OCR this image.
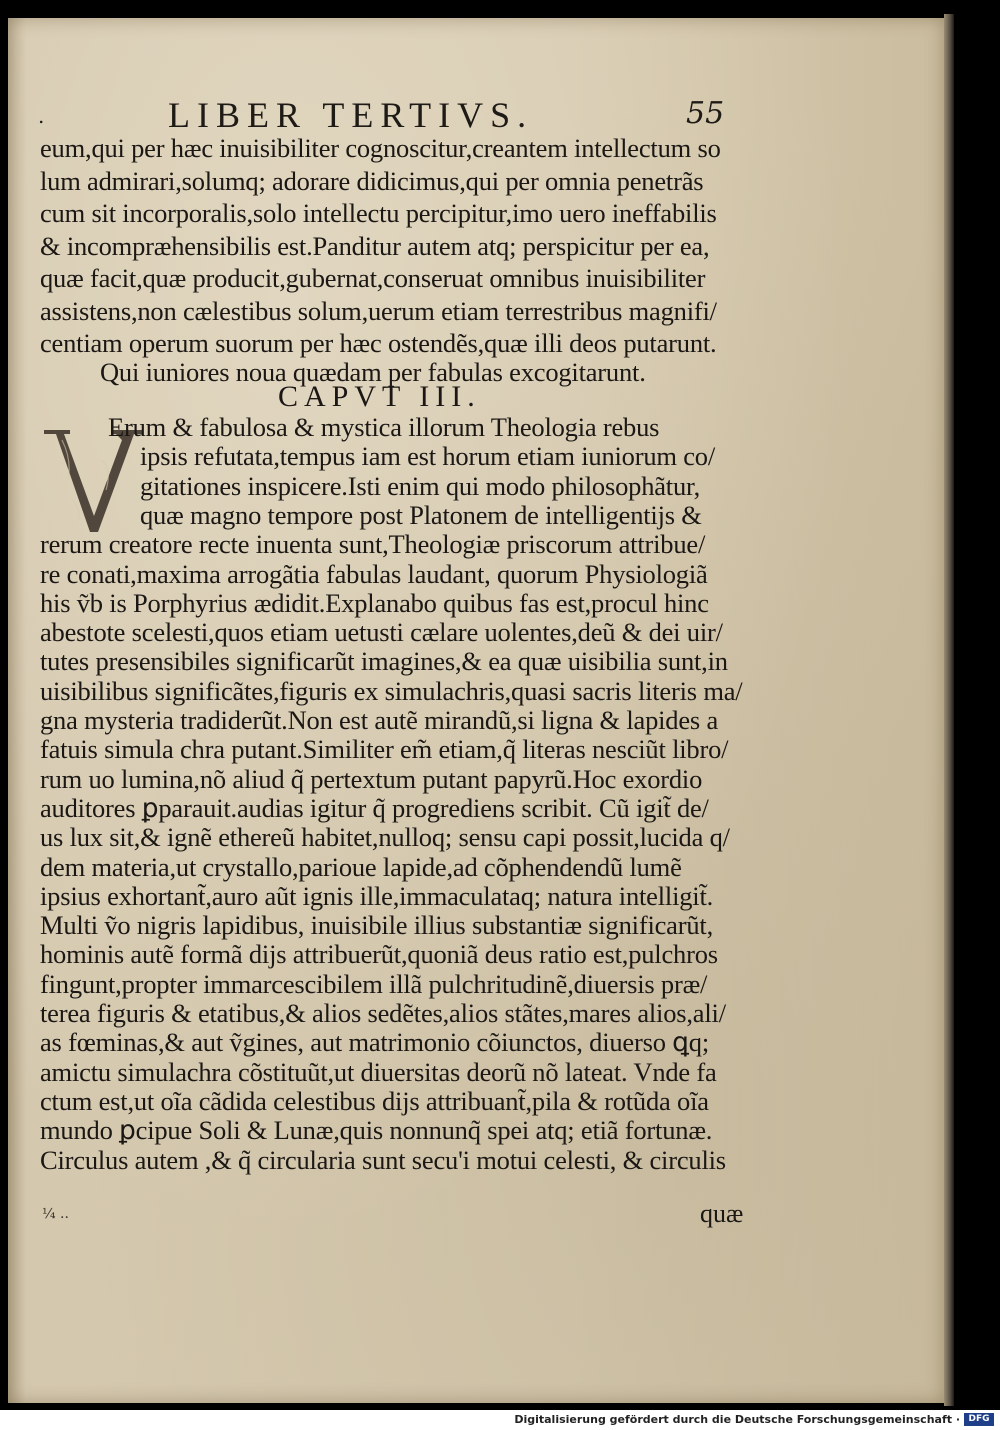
.	LIBER TERTIVS.	55
eum,qui per hæc inuisibiliter cognoscitur,creantem intellectum so
lum admirari,solumq; adorare didicimus,qui per omnia penetrãs
cum sit incorporalis,solo intellectu percipitur,imo uero ineffabilis
& incompræhensibilis est.Panditur autem atq; perspicitur per ea,
quæ facit,quæ producit,gubernat,conseruat omnibus inuisibiliter
assistens,non cælestibus solum,uerum etiam terrestribus magnifi/
centiam operum suorum per hæc ostendẽs,quæ illi deos putarunt.
Qui iuniores noua quædam per fabulas excogitarunt.
CAPVT III.
Erum & fabulosa & mystica illorum Theologia rebus
ipsis refutata,tempus iam est horum etiam iuniorum co/
gitationes inspicere.Isti enim qui modo philosophãtur,
quæ magno tempore post Platonem de intelligentijs &
rerum creatore recte inuenta sunt,Theologiæ priscorum attribue/
re conati,maxima arrogãtia fabulas laudant, quorum Physiologiã
his ṽb is Porphyrius ædidit.Explanabo quibus fas est,procul hinc
abestote scelesti,quos etiam uetusti cælare uolentes,deũ & dei uir/
tutes presensibiles significarũt imagines,& ea quæ uisibilia sunt,in
uisibilibus significãtes,figuris ex simulachris,quasi sacris literis ma/
gna mysteria tradiderũt.Non est autẽ mirandũ,si ligna & lapides a
fatuis simula chra putant.Similiter em̃ etiam,q̃ literas nesciũt libro/
rum uo lumina,nõ aliud q̃ pertextum putant papyrũ.Hoc exordio
auditores ꝑparauit.audias igitur q̃ progrediens scribit. Cũ igit̃ de/
us lux sit,& ignẽ ethereũ habitet,nulloq; sensu capi possit,lucida q/
dem materia,ut crystallo,parioue lapide,ad cõphendendũ lumẽ
ipsius exhortant̃,auro aũt ignis ille,immaculataq; natura intelligit̃.
Multi ṽo nigris lapidibus, inuisibile illius substantiæ significarũt,
hominis autẽ formã dijs attribuerũt,quoniã deus ratio est,pulchros
fingunt,propter immarcescibilem illã pulchritudinẽ,diuersis præ/
terea figuris & etatibus,& alios sedẽtes,alios stãtes,mares alios,ali/
as fœminas,& aut ṽgines, aut matrimonio cõiunctos, diuerso ꝗq;
amictu simulachra cõstituũt,ut diuersitas deorũ nõ lateat. Vnde fa
ctum est,ut oĩa cãdida celestibus dijs attribuant̃,pila & rotũda oĩa
mundo ꝑcipue Soli & Lunæ,quis nonnunq̃ spei atq; etiã fortunæ.
Circulus autem ,& q̃ circularia sunt secu'i motui celesti, & circulis
¼ ..	quæ
Digitalisierung gefördert durch die Deutsche Forschungsgemeinschaft · DFG
